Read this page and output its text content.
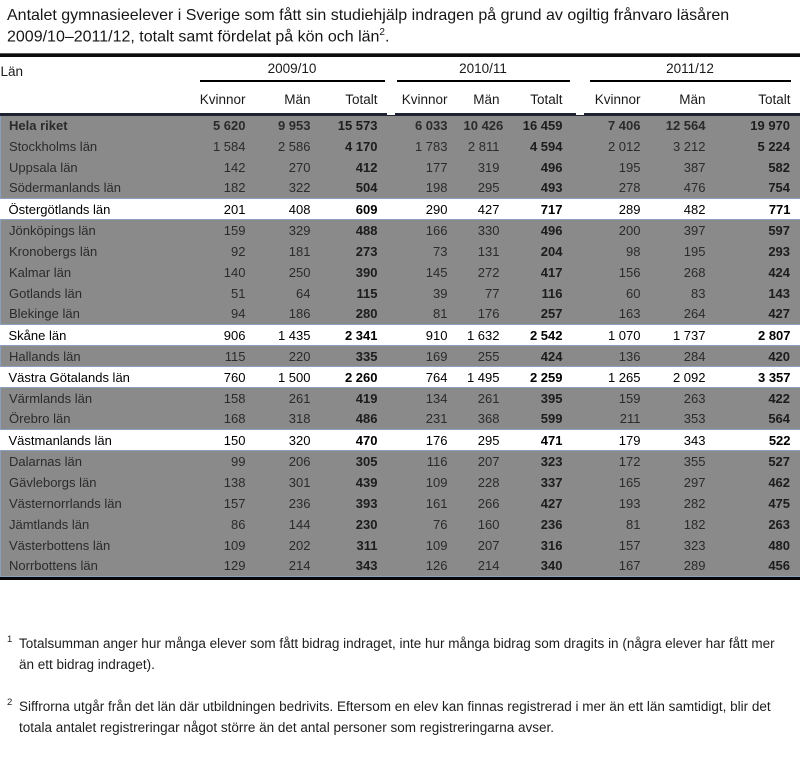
Antalet gymnasieelever i Sverige som fått sin studiehjälp indragen på grund av ogiltig frånvaro läsåren 2009/10–2011/12, totalt samt fördelat på kön och län$^2$.
Län	2009/10			2010/11			2011/12		

	Kvinnor	Män	Totalt	Kvinnor	Män	Totalt	Kvinnor	Män	Totalt
Hela riket	5 620	9 953	15 573	6 033	10 426	16 459	7 406	12 564	19 970
Stockholms län	1 584	2 586	4 170	1 783	2 811	4 594	2 012	3 212	5 224
Uppsala län	142	270	412	177	319	496	195	387	582
Södermanlands län	182	322	504	198	295	493	278	476	754
Östergötlands län	201	408	609	290	427	717	289	482	771
Jönköpings län	159	329	488	166	330	496	200	397	597
Kronobergs län	92	181	273	73	131	204	98	195	293
Kalmar län	140	250	390	145	272	417	156	268	424
Gotlands län	51	64	115	39	77	116	60	83	143
Blekinge län	94	186	280	81	176	257	163	264	427
Skåne län	906	1 435	2 341	910	1 632	2 542	1 070	1 737	2 807
Hallands län	115	220	335	169	255	424	136	284	420
Västra Götalands län	760	1 500	2 260	764	1 495	2 259	1 265	2 092	3 357
Värmlands län	158	261	419	134	261	395	159	263	422
Örebro län	168	318	486	231	368	599	211	353	564
Västmanlands län	150	320	470	176	295	471	179	343	522
Dalarnas län	99	206	305	116	207	323	172	355	527
Gävleborgs län	138	301	439	109	228	337	165	297	462
Västernorrlands län	157	236	393	161	266	427	193	282	475
Jämtlands län	86	144	230	76	160	236	81	182	263
Västerbottens län	109	202	311	109	207	316	157	323	480
Norrbottens län	129	214	343	126	214	340	167	289	456
1 Totalsumman anger hur många elever som fått bidrag indraget, inte hur många bidrag som dragits in (några elever har fått mer än ett bidrag indraget).
2 Siffrorna utgår från det län där utbildningen bedrivits. Eftersom en elev kan finnas registrerad i mer än ett län samtidigt, blir det totala antalet registreringar något större än det antal personer som registreringarna avser.
